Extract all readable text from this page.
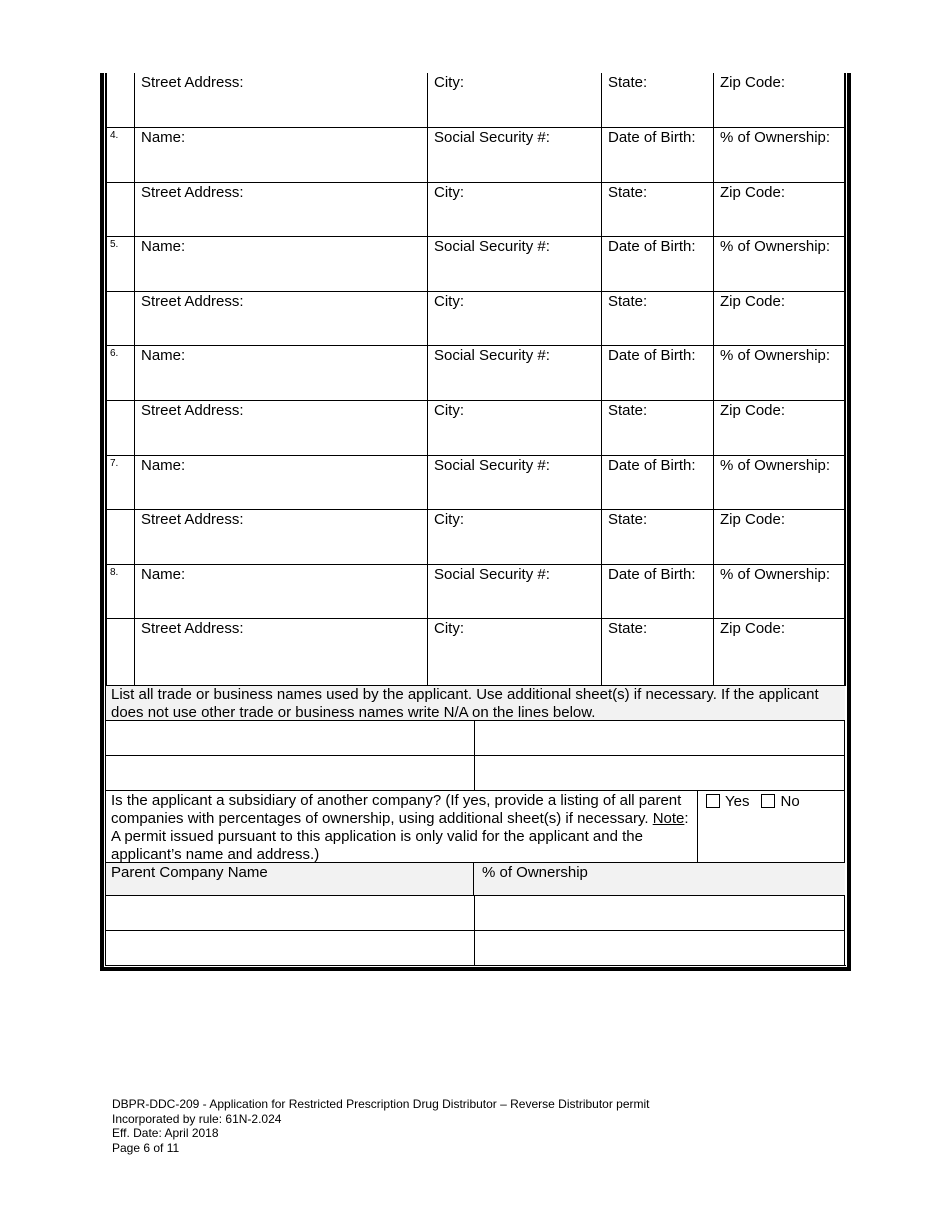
	Street Address:	City:	State:	Zip Code:
4.	Name:	Social Security #:	Date of Birth:	% of Ownership:
	Street Address:	City:	State:	Zip Code:
5.	Name:	Social Security #:	Date of Birth:	% of Ownership:
	Street Address:	City:	State:	Zip Code:
6.	Name:	Social Security #:	Date of Birth:	% of Ownership:
	Street Address:	City:	State:	Zip Code:
7.	Name:	Social Security #:	Date of Birth:	% of Ownership:
	Street Address:	City:	State:	Zip Code:
8.	Name:	Social Security #:	Date of Birth:	% of Ownership:
	Street Address:	City:	State:	Zip Code:
List all trade or business names used by the applicant. Use additional sheet(s) if necessary. If the applicant does not use other trade or business names write N/A on the lines below.
Is the applicant a subsidiary of another company? (If yes, provide a listing of all parent companies with percentages of ownership, using additional sheet(s) if necessary. Note: A permit issued pursuant to this application is only valid for the applicant and the applicant’s name and address.)
Yes No
Parent Company Name	% of Ownership
DBPR-DDC-209 - Application for Restricted Prescription Drug Distributor – Reverse Distributor permit
Incorporated by rule: 61N-2.024
Eff. Date: April 2018
Page 6 of 11
